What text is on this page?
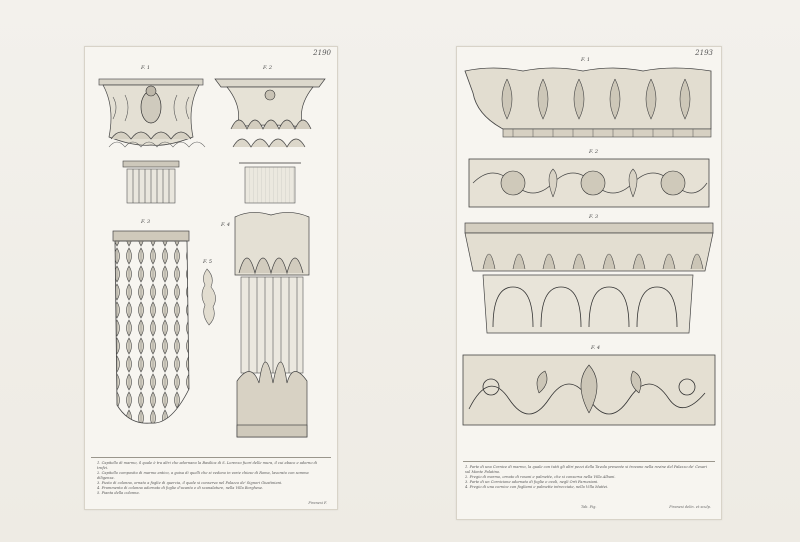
2190
F. 1	F. 2
F. 3	F. 4
F. 5

1. Capitello di marmo, il quale è tra altri che adornano la Basilica di S. Lorenzo fuori delle mura, il cui abaco e adorno di trofei.

2. Capitello composito di marmo antico, a guisa di quelli che si vedono in varie chiese di Roma, lavorato con somma diligenza.

3. Fusto di colonna, ornato a foglie di quercia, il quale si conserva nel Palazzo de' Signori Giustiniani.

4. Frammento di colonna adornato di foglie d'acanto e di scanalature, nella Villa Borghese.

5. Pianta della colonna.

Piranesi F.
2193
F. 1
F. 2
F. 3
F. 4

1. Parte di una Cornice di marmo, la quale con tutti gli altri pezzi della Tavola presente si trovano nella rovine del Palazzo de' Cesari sul Monte Palatino.

2. Fregio di marmo, ornato di rosoni e palmette, che si conserva nella Villa Albani.

3. Parte di un Cornicione adornato di foglie e ovoli, negli Orti Farnesiani.

4. Fregio di una cornice con fogliami e palmette intrecciate, nella Villa Mattei.

Tab. Fig.	Piranesi delin. et sculp.
